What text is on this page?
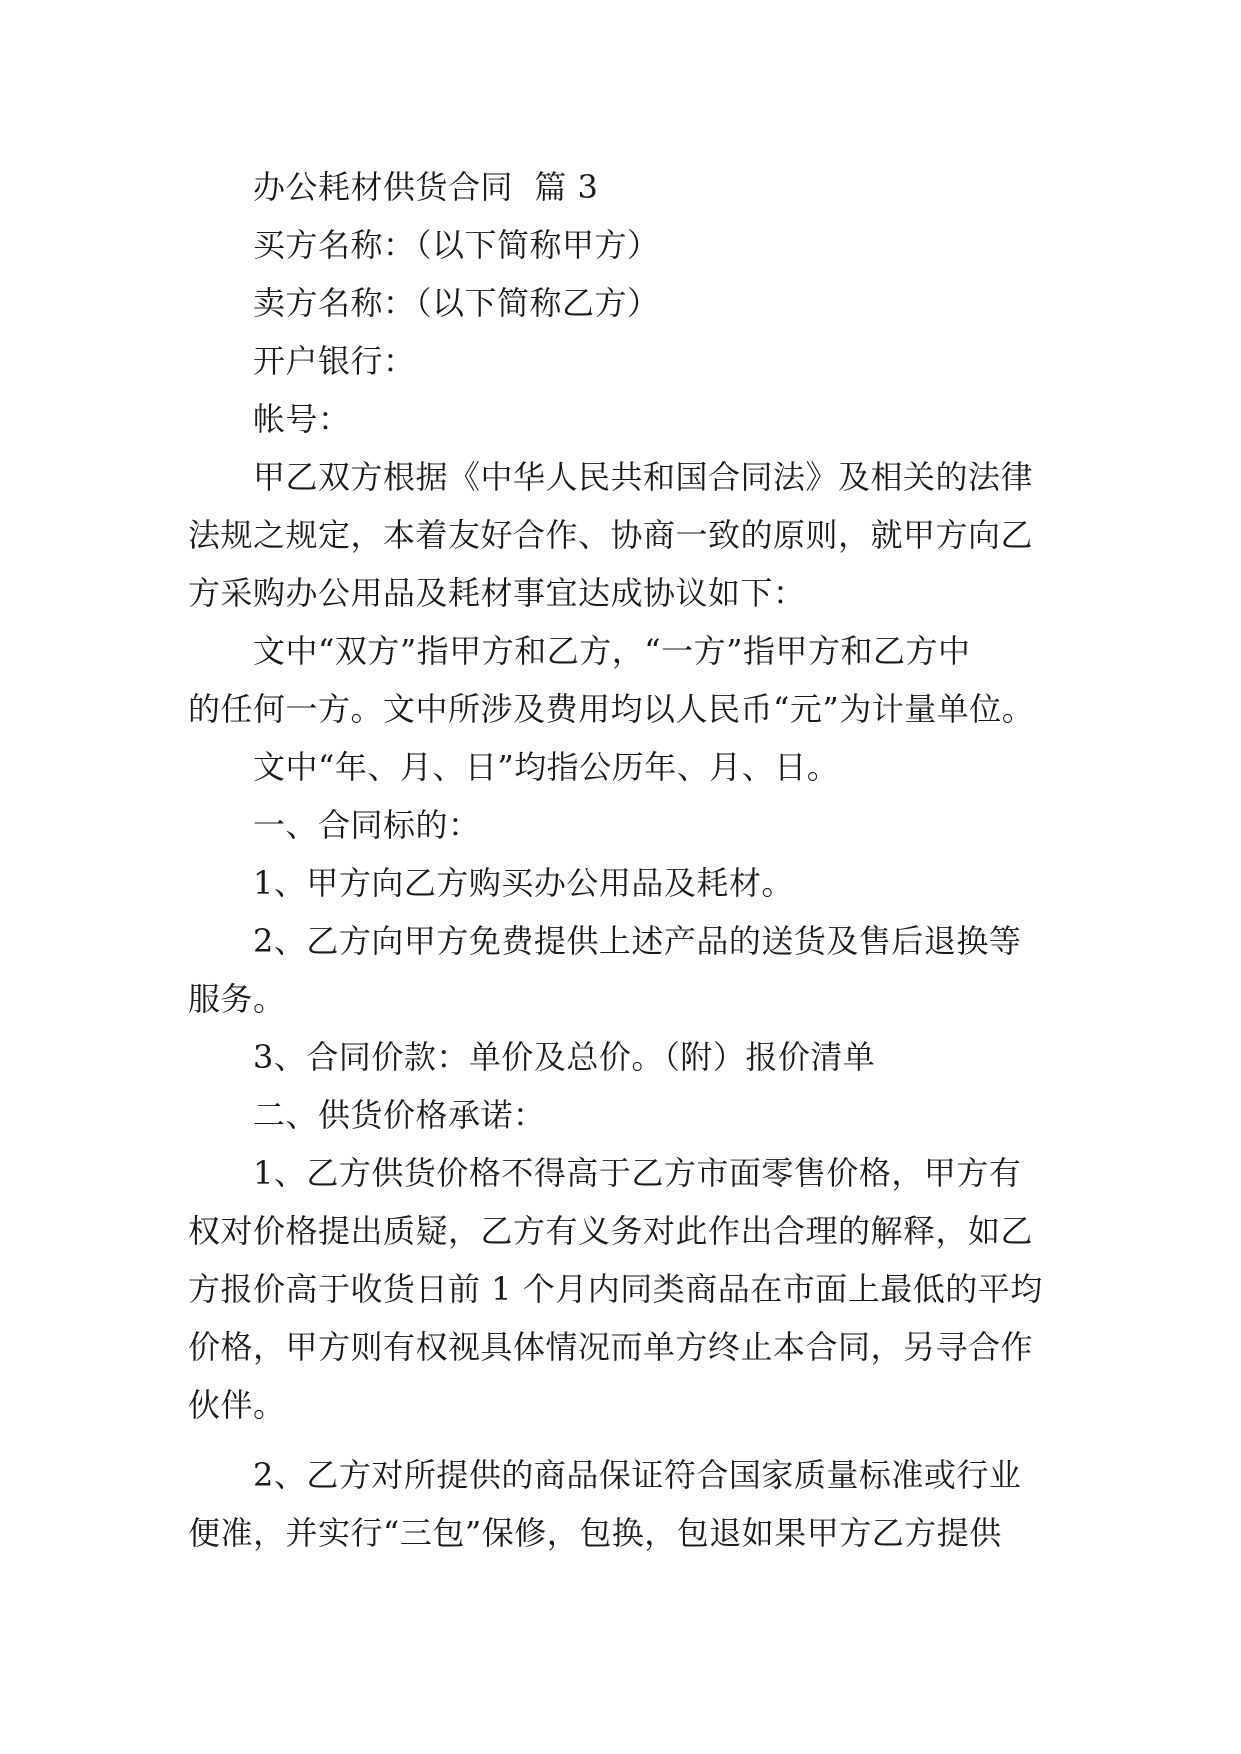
办公耗材供货合同  篇 3
买方名称：（以下简称甲方）
卖方名称：（以下简称乙方）
开户银行：
帐号：
甲乙双方根据《中华人民共和国合同法》及相关的法律
法规之规定，本着友好合作、协商一致的原则，就甲方向乙
方采购办公用品及耗材事宜达成协议如下：
文中“双方”指甲方和乙方，“一方”指甲方和乙方中
的任何一方。文中所涉及费用均以人民币“元”为计量单位。
文中“年、月、日”均指公历年、月、日。
一、合同标的：
1、甲方向乙方购买办公用品及耗材。
2、乙方向甲方免费提供上述产品的送货及售后退换等
服务。
3、合同价款：单价及总价。（附）报价清单
二、供货价格承诺：
1、乙方供货价格不得高于乙方市面零售价格，甲方有
权对价格提出质疑，乙方有义务对此作出合理的解释，如乙
方报价高于收货日前 1 个月内同类商品在市面上最低的平均
价格，甲方则有权视具体情况而单方终止本合同，另寻合作
伙伴。
2、乙方对所提供的商品保证符合国家质量标准或行业
便准，并实行“三包”保修，包换，包退如果甲方乙方提供
